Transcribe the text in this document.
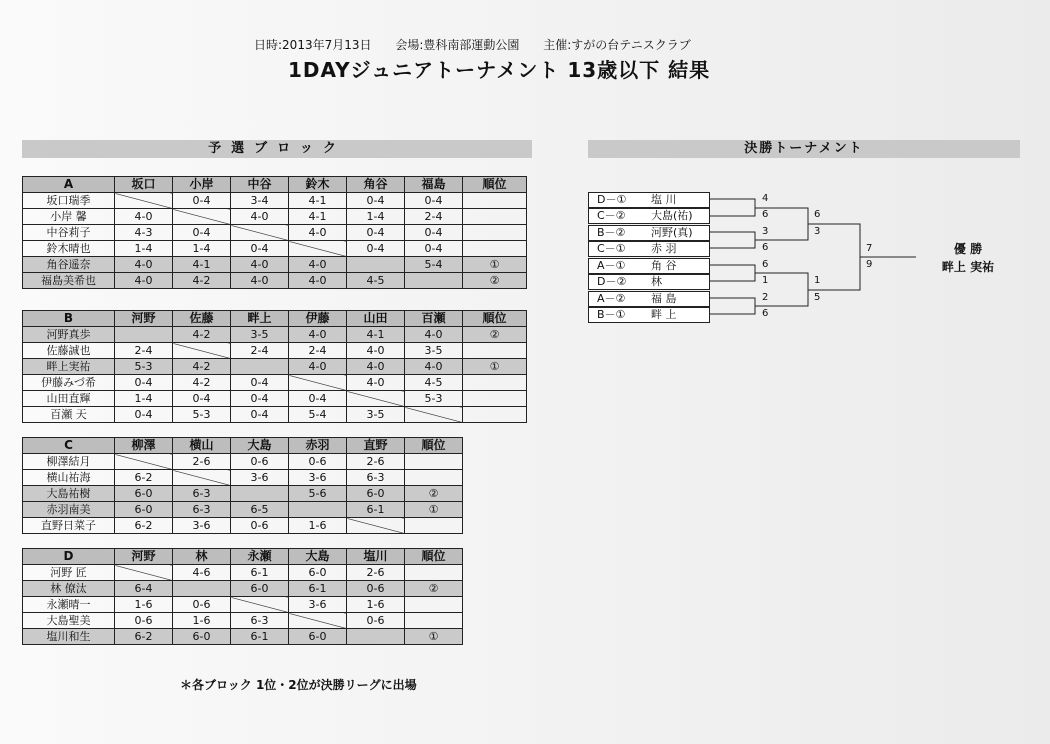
日時:2013年7月13日 会場:豊科南部運動公園 主催:すがの台テニスクラブ
1DAYジュニアトーナメント 13歳以下 結果
予選ブロック	決勝トーナメント
A	坂口	小岸	中谷	鈴木	角谷	福島	順位
坂口瑞季		0-4	3-4	4-1	0-4	0-4	
小岸 馨	4-0		4-0	4-1	1-4	2-4	
中谷莉子	4-3	0-4		4-0	0-4	0-4	
鈴木晴也	1-4	1-4	0-4		0-4	0-4	
角谷遥奈	4-0	4-1	4-0	4-0		5-4	①
福島美希也	4-0	4-2	4-0	4-0	4-5		②
B	河野	佐藤	畔上	伊藤	山田	百瀬	順位
河野真歩		4-2	3-5	4-0	4-1	4-0	②
佐藤誠也	2-4		2-4	2-4	4-0	3-5	
畔上実祐	5-3	4-2		4-0	4-0	4-0	①
伊藤みづ希	0-4	4-2	0-4		4-0	4-5	
山田直輝	1-4	0-4	0-4	0-4		5-3	
百瀬 天	0-4	5-3	0-4	5-4	3-5		
C	柳澤	横山	大島	赤羽	直野	順位
柳澤結月		2-6	0-6	0-6	2-6	
横山祐海	6-2		3-6	3-6	6-3	
大島祐樹	6-0	6-3		5-6	6-0	②
赤羽南美	6-0	6-3	6-5		6-1	①
直野日菜子	6-2	3-6	0-6	1-6		
D	河野	林	永瀬	大島	塩川	順位
河野 匠		4-6	6-1	6-0	2-6	
林 僚汰	6-4		6-0	6-1	0-6	②
永瀬晴一	1-6	0-6		3-6	1-6	
大島聖美	0-6	1-6	6-3		0-6	
塩川和生	6-2	6-0	6-1	6-0		①
＊各ブロック 1位・2位が決勝リーグに出場
D－① 塩 川
C－② 大島(祐)
B－② 河野(真)
C－① 赤 羽
A－① 角 谷
D－② 林
A－② 福 島
B－① 畔 上
4
6
3
6
6
1
2
6
6
3
1
5
7
9
優 勝
畔上 実祐
